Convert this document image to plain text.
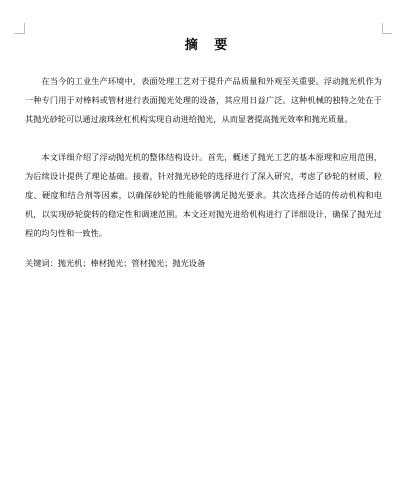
摘 要

在当今的工业生产环境中，表面处理工艺对于提升产品质量和外观至关重要。浮动抛光机作为一种专门用于对棒料或管材进行表面抛光处理的设备，其应用日益广泛。这种机械的独特之处在于其抛光砂轮可以通过滚珠丝杠机构实现自动进给抛光，从而显著提高抛光效率和抛光质量。

本文详细介绍了浮动抛光机的整体结构设计。首先，概述了抛光工艺的基本原理和应用范围，为后续设计提供了理论基础。接着，针对抛光砂轮的选择进行了深入研究，考虑了砂轮的材质、粒度、硬度和结合剂等因素，以确保砂轮的性能能够满足抛光要求。其次选择合适的传动机构和电机，以实现砂轮旋转的稳定性和调速范围。本文还对抛光进给机构进行了详细设计，确保了抛光过程的均匀性和一致性。

关键词：抛光机；棒材抛光；管材抛光；抛光设备
